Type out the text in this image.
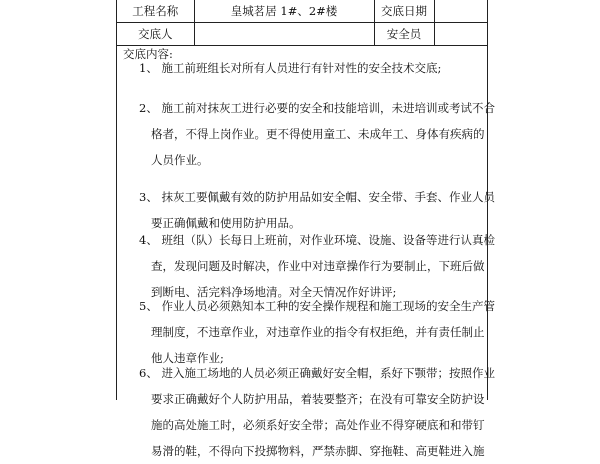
工程名称	皇城茗居 1#、2#楼	交底日期	
交底人		安全员	
交底内容:
1、 施工前班组长对所有人员进行有针对性的安全技术交底;
2、 施工前对抹灰工进行必要的安全和技能培训，未进培训或考试不合
格者，不得上岗作业。更不得使用童工、未成年工、身体有疾病的
人员作业。
3、 抹灰工要佩戴有效的防护用品如安全帽、安全带、手套、作业人员
要正确佩戴和使用防护用品。
4、 班组（队）长每日上班前，对作业环境、设施、设备等进行认真检
查，发现问题及时解决，作业中对违章操作行为要制止，下班后做
到断电、活完料净场地清。对全天情况作好讲评;
5、 作业人员必须熟知本工种的安全操作规程和施工现场的安全生产管
理制度，不违章作业，对违章作业的指令有权拒绝，并有责任制止
他人违章作业;
6、 进入施工场地的人员必须正确戴好安全帽，系好下颚带；按照作业
要求正确戴好个人防护用品，着装要整齐；在没有可靠安全防护设
施的高处施工时，必须系好安全带；高处作业不得穿硬底和和带钉
易滑的鞋，不得向下投掷物料，严禁赤脚、穿拖鞋、高更鞋进入施
